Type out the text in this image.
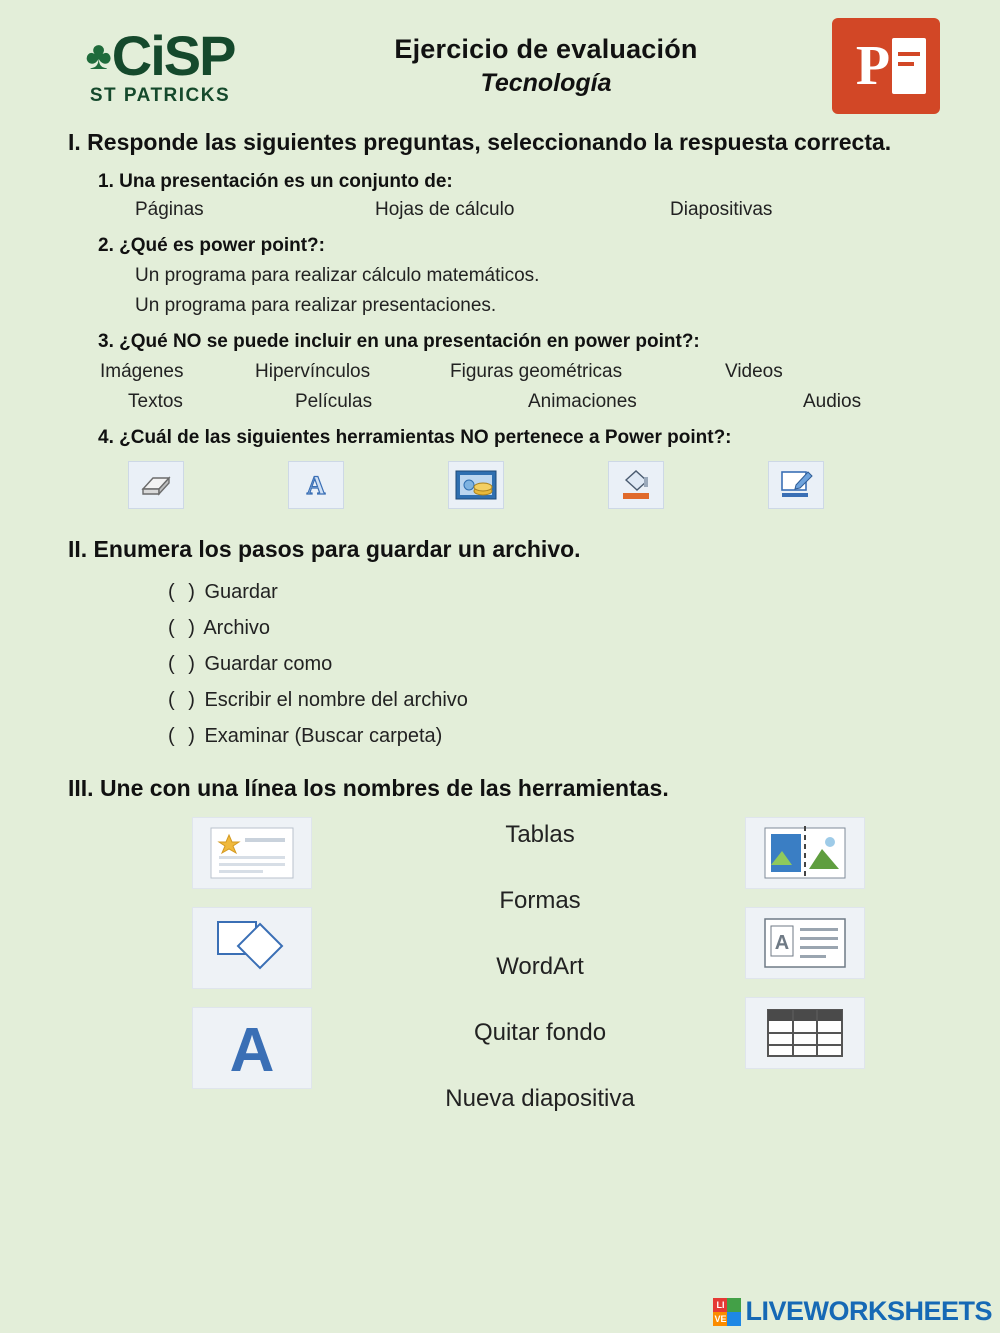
♣ CiSP
ST PATRICKS
Ejercicio de evaluación
Tecnología	P
I. Responde las siguientes preguntas, seleccionando la respuesta correcta.
1. Una presentación es un conjunto de:
Páginas	Hojas de cálculo	Diapositivas
2. ¿Qué es power point?:
Un programa para realizar cálculo matemáticos.
Un programa para realizar presentaciones.
3. ¿Qué NO se puede incluir en una presentación en power point?:
Imágenes	Hipervínculos	Figuras geométricas	Videos
Textos	Películas	Animaciones	Audios
4. ¿Cuál de las siguientes herramientas NO pertenece a Power point?:
A
II. Enumera los pasos para guardar un archivo.
( ) Guardar
( ) Archivo
( ) Guardar como
( ) Escribir el nombre del archivo
( ) Examinar (Buscar carpeta)
III. Une con una línea los nombres de las herramientas.
A
Tablas
Formas
WordArt
Quitar fondo
Nueva diapositiva
A
LI
VE LIVEWORKSHEETS
